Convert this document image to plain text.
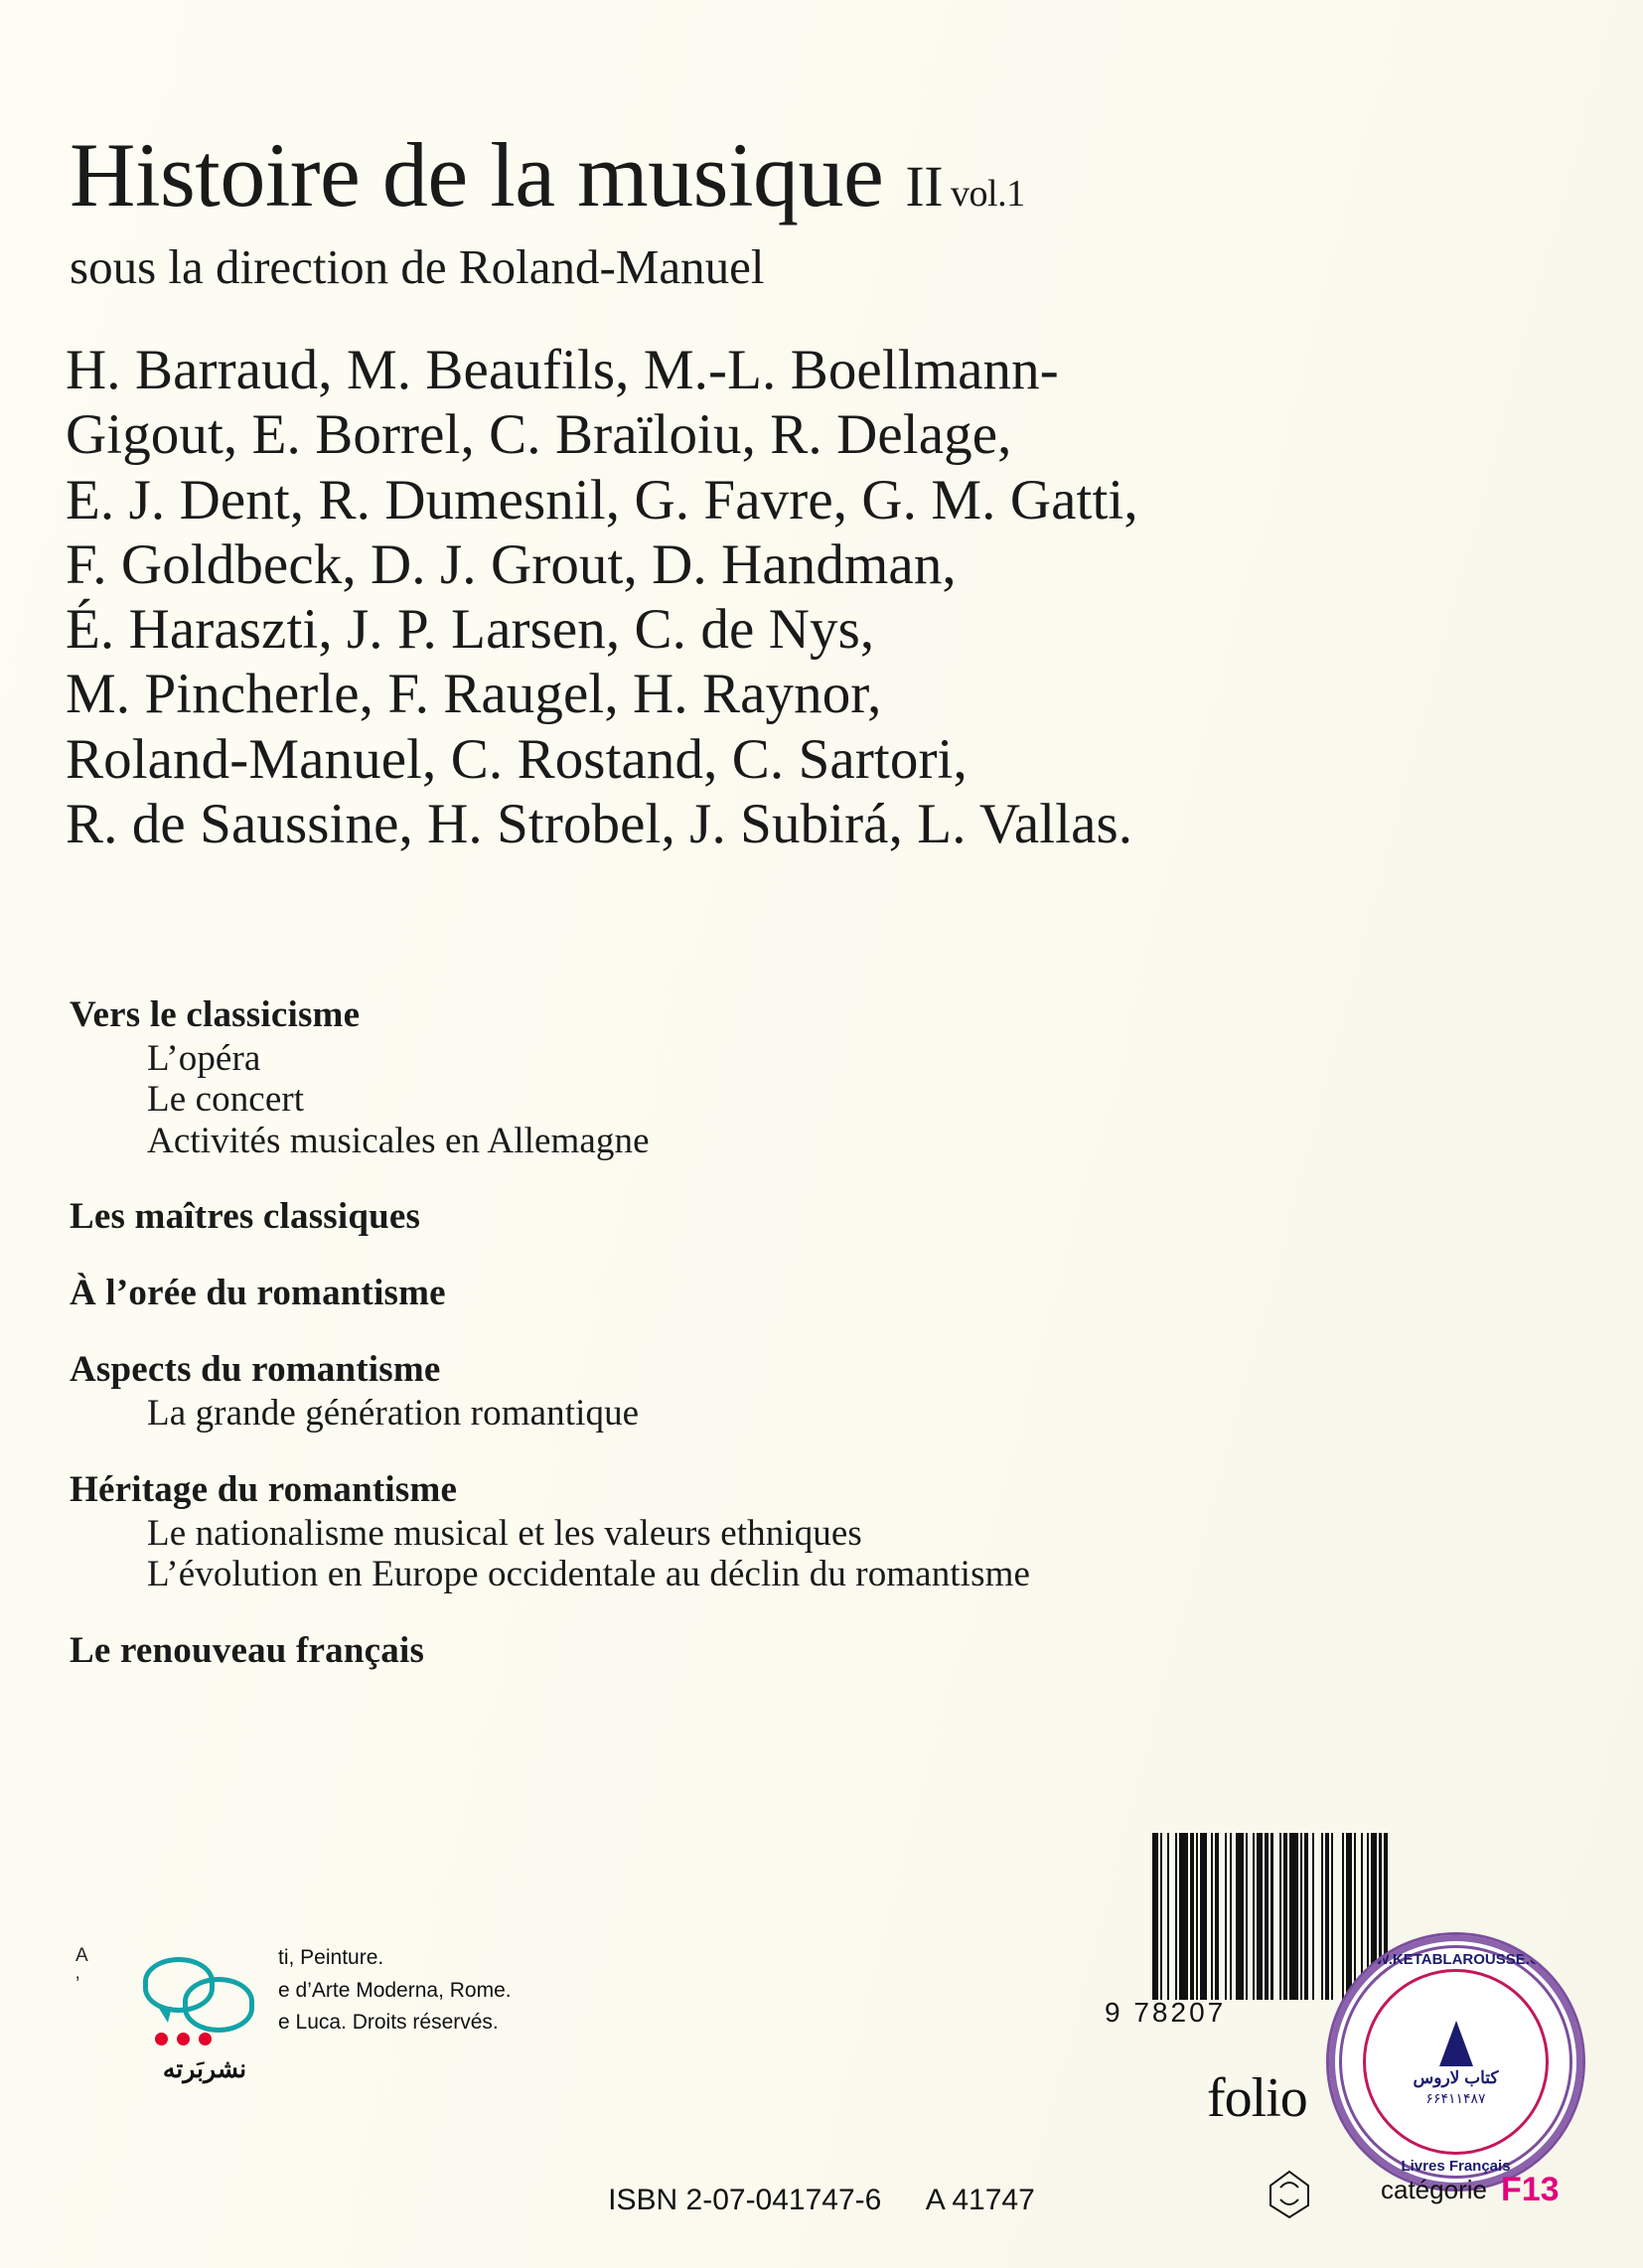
Histoire de la musique II vol.1
sous la direction de Roland-Manuel
H. Barraud, M. Beaufils, M.-L. Boellmann-
Gigout, E. Borrel, C. Braïloiu, R. Delage,
E. J. Dent, R. Dumesnil, G. Favre, G. M. Gatti,
F. Goldbeck, D. J. Grout, D. Handman,
É. Haraszti, J. P. Larsen, C. de Nys,
M. Pincherle, F. Raugel, H. Raynor,
Roland-Manuel, C. Rostand, C. Sartori,
R. de Saussine, H. Strobel, J. Subirá, L. Vallas.
Vers le classicisme
L’opéra
Le concert
Activités musicales en Allemagne
Les maîtres classiques
À l’orée du romantisme
Aspects du romantisme
La grande génération romantique
Héritage du romantisme
Le nationalisme musical et les valeurs ethniques
L’évolution en Europe occidentale au déclin du romantisme
Le renouveau français
A
’
نشربَرته
ti, Peinture.
e d’Arte Moderna, Rome.
e Luca. Droits réservés.	9 78207
folio
WWW.KETABLAROUSSE.COM
Livres Français
کتاب لاروس
۶۶۴۱۱۴۸۷
ISBN 2-07-041747-6 A 41747	catégorie F13
